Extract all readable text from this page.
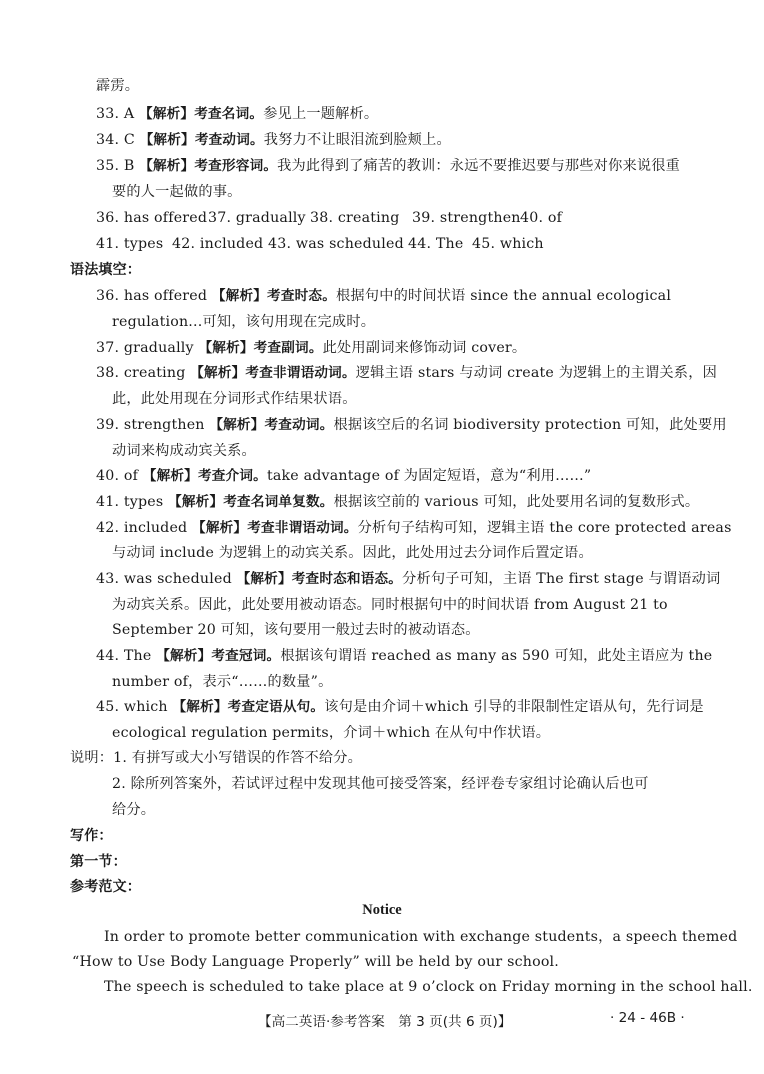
霹雳。
33. A 【解析】考查名词。参见上一题解析。
34. C 【解析】考查动词。我努力不让眼泪流到脸颊上。
35. B 【解析】考查形容词。我为此得到了痛苦的教训：永远不要推迟要与那些对你来说很重
要的人一起做的事。
36. has offered37. gradually 38. creating 39. strengthen40. of
41. types 42. included 43. was scheduled 44. The 45. which
语法填空：
36. has offered 【解析】考查时态。根据句中的时间状语 since the annual ecological
regulation...可知，该句用现在完成时。
37. gradually 【解析】考查副词。此处用副词来修饰动词 cover。
38. creating 【解析】考查非谓语动词。逻辑主语 stars 与动词 create 为逻辑上的主谓关系，因
此，此处用现在分词形式作结果状语。
39. strengthen 【解析】考查动词。根据该空后的名词 biodiversity protection 可知，此处要用
动词来构成动宾关系。
40. of 【解析】考查介词。take advantage of 为固定短语，意为“利用……”
41. types 【解析】考查名词单复数。根据该空前的 various 可知，此处要用名词的复数形式。
42. included 【解析】考查非谓语动词。分析句子结构可知，逻辑主语 the core protected areas
与动词 include 为逻辑上的动宾关系。因此，此处用过去分词作后置定语。
43. was scheduled 【解析】考查时态和语态。分析句子可知，主语 The first stage 与谓语动词
为动宾关系。因此，此处要用被动语态。同时根据句中的时间状语 from August 21 to
September 20 可知，该句要用一般过去时的被动语态。
44. The 【解析】考查冠词。根据该句谓语 reached as many as 590 可知，此处主语应为 the
number of，表示“……的数量”。
45. which 【解析】考查定语从句。该句是由介词＋which 引导的非限制性定语从句，先行词是
ecological regulation permits，介词＋which 在从句中作状语。
说明：1. 有拼写或大小写错误的作答不给分。
2. 除所列答案外，若试评过程中发现其他可接受答案，经评卷专家组讨论确认后也可
给分。
写作：
第一节：
参考范文：
Notice
In order to promote better communication with exchange students，a speech themed
“How to Use Body Language Properly” will be held by our school.
The speech is scheduled to take place at 9 o’clock on Friday morning in the school hall.
【高二英语·参考答案　第 3 页(共 6 页)】	· 24 - 46B ·
